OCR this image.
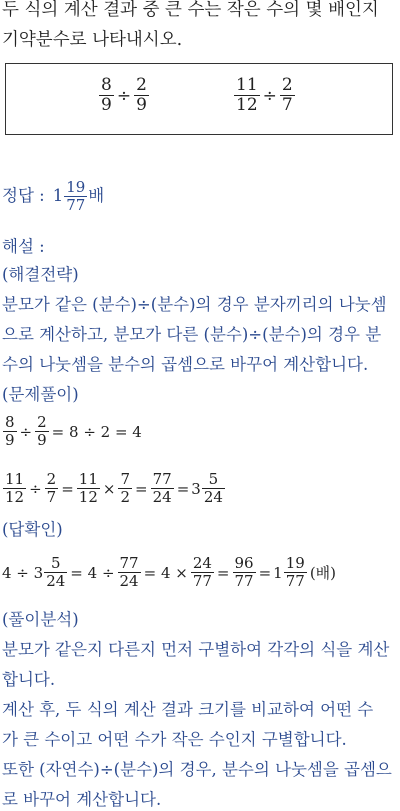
두 식의 계산 결과 중 큰 수는 작은 수의 몇 배인지
기약분수로 나타내시오.
$\frac{8}{9} \div \frac{2}{9}$	$\frac{11}{12} \div \frac{2}{7}$
정답 : $1 \frac{19}{77}$ 배
해설 :
(해결전략)
분모가 같은 (분수)÷(분수)의 경우 분자끼리의 나눗셈
으로 계산하고, 분모가 다른 (분수)÷(분수)의 경우 분
수의 나눗셈을 분수의 곱셈으로 바꾸어 계산합니다.
(문제풀이)
$\frac{8}{9} \div \frac{2}{9} = 8 \div 2 = 4$
$\frac{11}{12} \div \frac{2}{7} = \frac{11}{12} \times \frac{7}{2} = \frac{77}{24} = 3 \frac{5}{24}$
(답확인)
$4 \div 3 \frac{5}{24} = 4 \div \frac{77}{24} = 4 \times \frac{24}{77} = \frac{96}{77} = 1 \frac{19}{77}$ (배)
(풀이분석)
분모가 같은지 다른지 먼저 구별하여 각각의 식을 계산
합니다.
계산 후, 두 식의 계산 결과 크기를 비교하여 어떤 수
가 큰 수이고 어떤 수가 작은 수인지 구별합니다.
또한 (자연수)÷(분수)의 경우, 분수의 나눗셈을 곱셈으
로 바꾸어 계산합니다.
